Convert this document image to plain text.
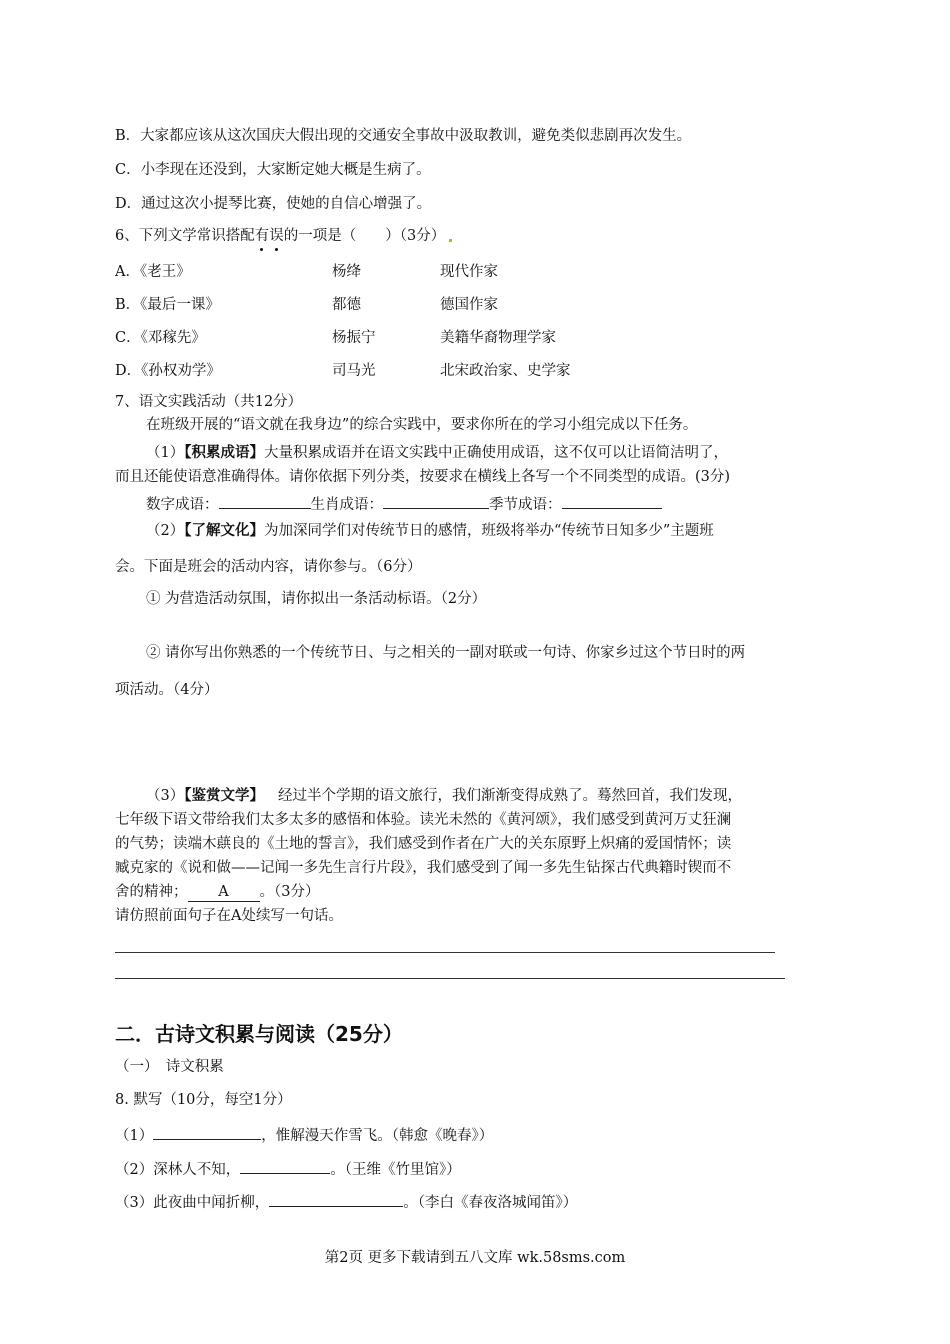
B．大家都应该从这次国庆大假出现的交通安全事故中汲取教训，避免类似悲剧再次发生。
C．小李现在还没到，大家断定她大概是生病了。
D．通过这次小提琴比赛，使她的自信心增强了。
6、下列文学常识搭配有
误
的一项是（　　）（3分）
A．《老王》	杨绛	现代作家
B．《最后一课》	都德	德国作家
C．《邓稼先》	杨振宁	美籍华裔物理学家
D．《孙权劝学》	司马光	北宋政治家、史学家
7、语文实践活动（共12分）
在班级开展的“语文就在我身边”的综合实践中，要求你所在的学习小组完成以下任务。
（1）【积累成语】大量积累成语并在语文实践中正确使用成语，这不仅可以让语简洁明了，
而且还能使语意准确得体。请你依据下列分类，按要求在横线上各写一个不同类型的成语。(3分)
数字成语：	生肖成语：	季节成语：
（2）【了解文化】为加深同学们对传统节日的感情，班级将举办“传统节日知多少”主题班
会。下面是班会的活动内容，请你参与。（6分）
① 为营造活动氛围，请你拟出一条活动标语。（2分）
② 请你写出你熟悉的一个传统节日、与之相关的一副对联或一句诗、你家乡过这个节日时的两
项活动。（4分）
（3）【鉴赏文学】 经过半个学期的语文旅行，我们渐渐变得成熟了。蓦然回首，我们发现，
七年级下语文带给我们太多太多的感悟和体验。读光未然的《黄河颂》，我们感受到黄河万丈狂澜
的气势；读端木蕻良的《土地的誓言》，我们感受到作者在广大的关东原野上炽痛的爱国情怀；读
臧克家的《说和做——记闻一多先生言行片段》，我们感受到了闻一多先生钻探古代典籍时锲而不
舍的精神； A 。（3分）
请仿照前面句子在A处续写一句话。
二．古诗文积累与阅读（25分）
（一）　诗文积累
8. 默写（10分，每空1分）
（1）	，惟解漫天作雪飞。（韩愈《晚春》）
（2）深林人不知，	。（王维《竹里馆》）
（3）此夜曲中闻折柳，	。（李白《春夜洛城闻笛》）
第2页 更多下载请到五八文库 wk.58sms.com
